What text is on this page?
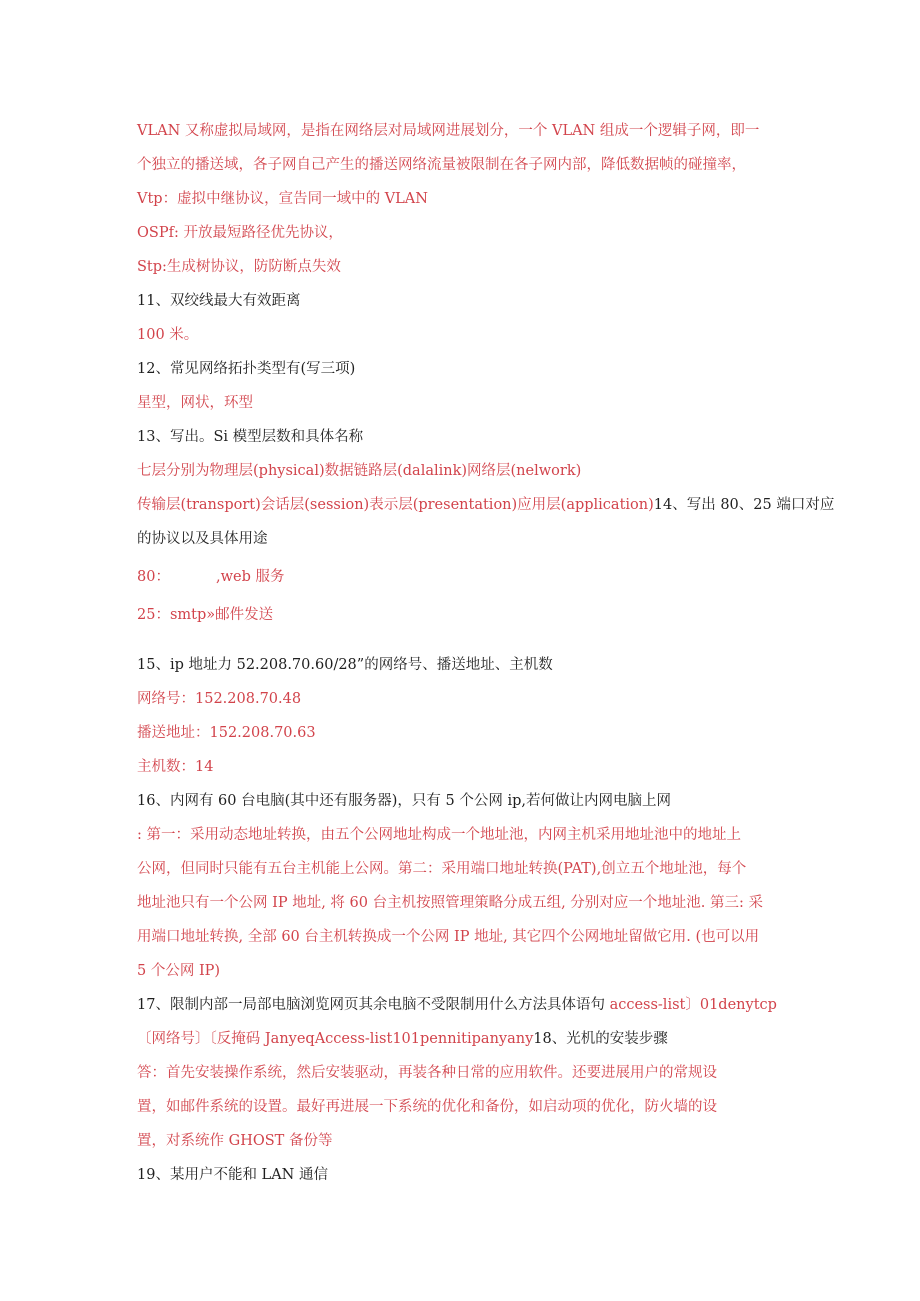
VLAN 又称虚拟局域网，是指在网络层对局域网进展划分，一个 VLAN 组成一个逻辑子网，即一
个独立的播送域，各子网自己产生的播送网络流量被限制在各子网内部，降低数据帧的碰撞率，
Vtp：虚拟中继协议，宣告同一域中的 VLAN
OSPf: 开放最短路径优先协议，
Stp:生成树协议，防防断点失效
11、双绞线最大有效距离
100 米。
12、常见网络拓扑类型有(写三项)
星型，网状，环型
13、写出。Si 模型层数和具体名称
七层分别为物理层(physical)数据链路层(dalalink)网络层(nelwork)
传输层(transport)会话层(session)表示层(presentation)应用层(application)14、写出 80、25 端口对应
的协议以及具体用途
80：          ,web 服务
25：smtp»邮件发送
15、ip 地址力 52.208.70.60/28”的网络号、播送地址、主机数
网络号：152.208.70.48
播送地址：152.208.70.63
主机数：14
16、内网有 60 台电脑(其中还有服务器)，只有 5 个公网 ip,若何做让内网电脑上网
: 第一：采用动态地址转换，由五个公网地址构成一个地址池，内网主机采用地址池中的地址上
公网，但同时只能有五台主机能上公网。第二：采用端口地址转换(PAT),创立五个地址池，每个
地址池只有一个公网 IP 地址, 将 60 台主机按照管理策略分成五组, 分别对应一个地址池. 第三: 采
用端口地址转换, 全部 60 台主机转换成一个公网 IP 地址, 其它四个公网地址留做它用. (也可以用
5 个公网 IP)
17、限制内部一局部电脑浏览网页其余电脑不受限制用什么方法具体语句 access-list〕01denytcp
〔网络号〕〔反掩码 JanyeqAccess-list101pennitipanyany18、光机的安装步骤
答：首先安装操作系统，然后安装驱动，再装各种日常的应用软件。还要进展用户的常规设
置，如邮件系统的设置。最好再进展一下系统的优化和备份，如启动项的优化，防火墙的设
置，对系统作 GHOST 备份等
19、某用户不能和 LAN 通信
